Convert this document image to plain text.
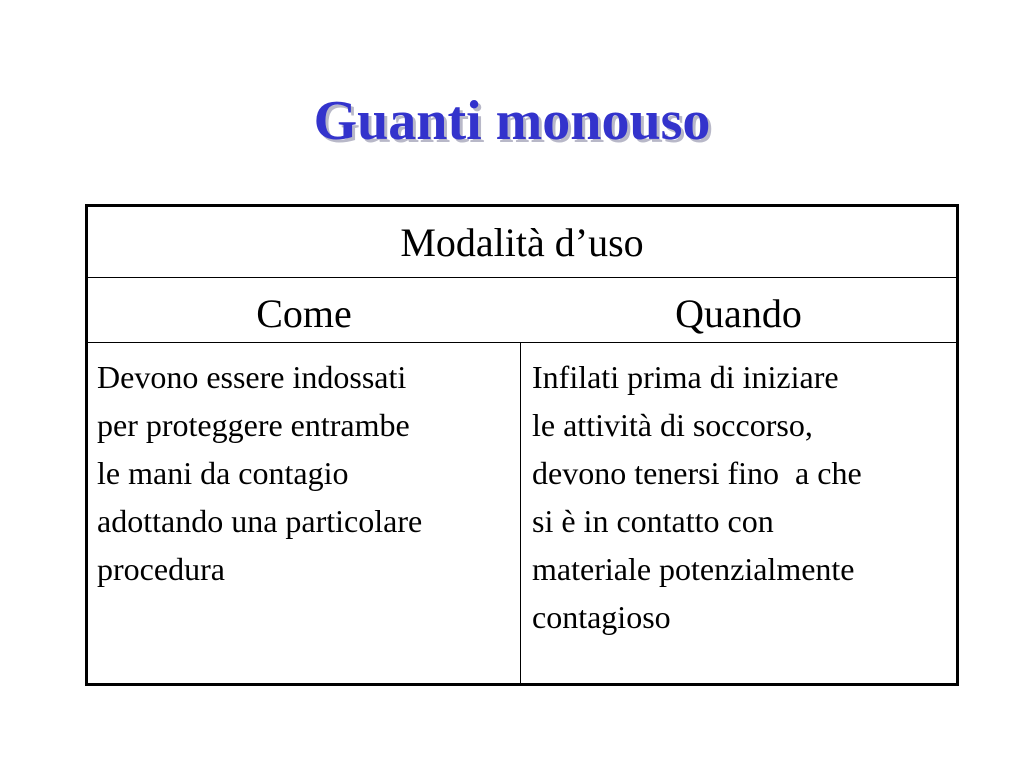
Guanti monouso
Modalità d’uso
Come	Quando
Devono essere indossati
per proteggere entrambe
le mani da contagio
adottando una particolare
procedura
Infilati prima di iniziare
le attività di soccorso,
devono tenersi fino  a che
si è in contatto con
materiale potenzialmente
contagioso
